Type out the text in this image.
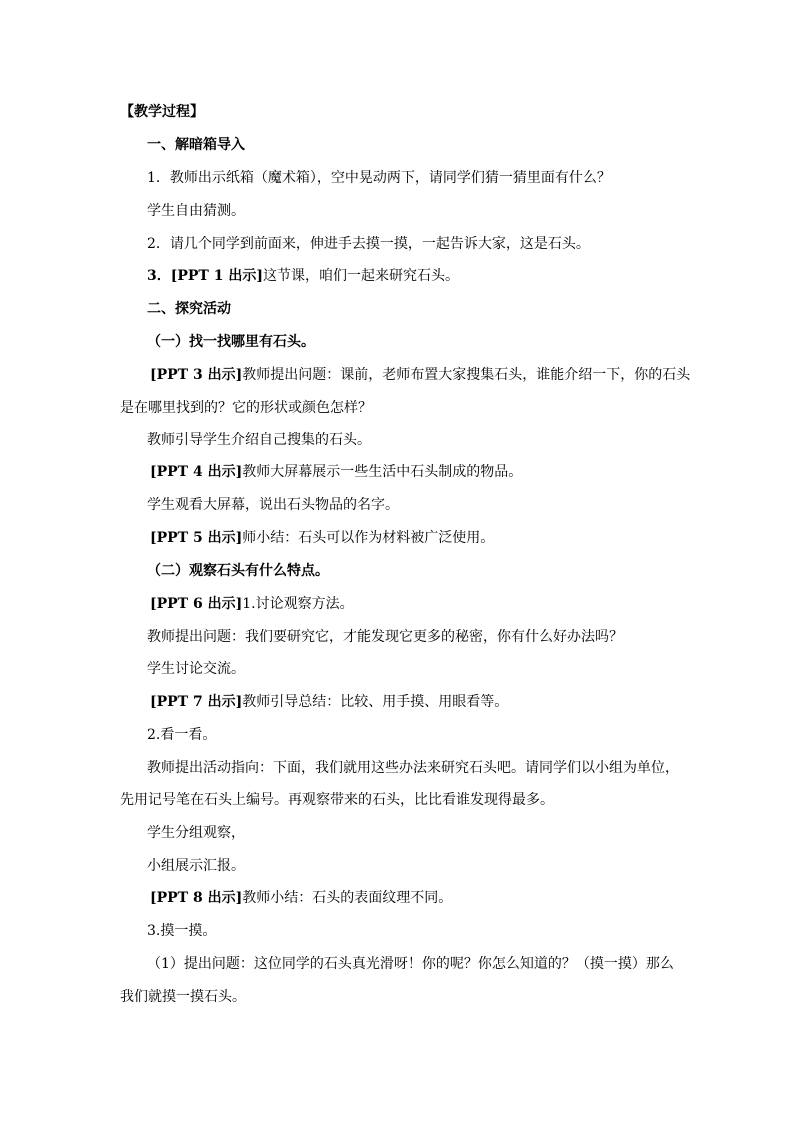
【教学过程】
一、解暗箱导入
1．教师出示纸箱（魔术箱），空中晃动两下，请同学们猜一猜里面有什么？
学生自由猜测。
2．请几个同学到前面来，伸进手去摸一摸，一起告诉大家，这是石头。
3．[PPT 1 出示]这节课，咱们一起来研究石头。
二、探究活动
（一）找一找哪里有石头。
[PPT 3 出示]教师提出问题：课前，老师布置大家搜集石头，谁能介绍一下，你的石头
是在哪里找到的？它的形状或颜色怎样？
教师引导学生介绍自己搜集的石头。
[PPT 4 出示]教师大屏幕展示一些生活中石头制成的物品。
学生观看大屏幕，说出石头物品的名字。
[PPT 5 出示]师小结：石头可以作为材料被广泛使用。
（二）观察石头有什么特点。
[PPT 6 出示]1.讨论观察方法。
教师提出问题：我们要研究它，才能发现它更多的秘密，你有什么好办法吗？
学生讨论交流。
[PPT 7 出示]教师引导总结：比较、用手摸、用眼看等。
2.看一看。
教师提出活动指向：下面，我们就用这些办法来研究石头吧。请同学们以小组为单位，
先用记号笔在石头上编号。再观察带来的石头，比比看谁发现得最多。
学生分组观察，
小组展示汇报。
[PPT 8 出示]教师小结：石头的表面纹理不同。
3.摸一摸。
（1）提出问题：这位同学的石头真光滑呀！你的呢？你怎么知道的？（摸一摸）那么
我们就摸一摸石头。
